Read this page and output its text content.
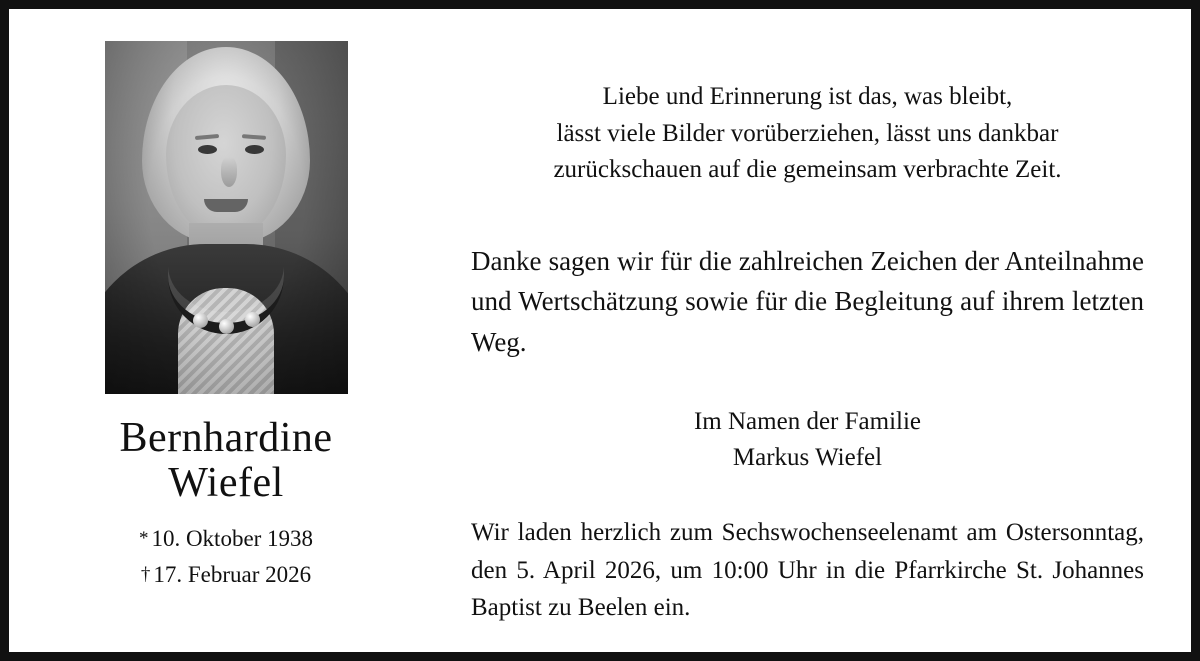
Bernhardine
Wiefel
* 10. Oktober 1938
† 17. Februar 2026
Liebe und Erinnerung ist das, was bleibt,
lässt viele Bilder vorüberziehen, lässt uns dankbar
zurückschauen auf die gemeinsam verbrachte Zeit.
Danke sagen wir für die zahlreichen Zeichen der Anteilnahme und Wertschätzung sowie für die Begleitung auf ihrem letzten Weg.
Im Namen der Familie
Markus Wiefel
Wir laden herzlich zum Sechswochenseelenamt am Ostersonntag, den 5. April 2026, um 10:00 Uhr in die Pfarrkirche St. Johannes Baptist zu Beelen ein.
